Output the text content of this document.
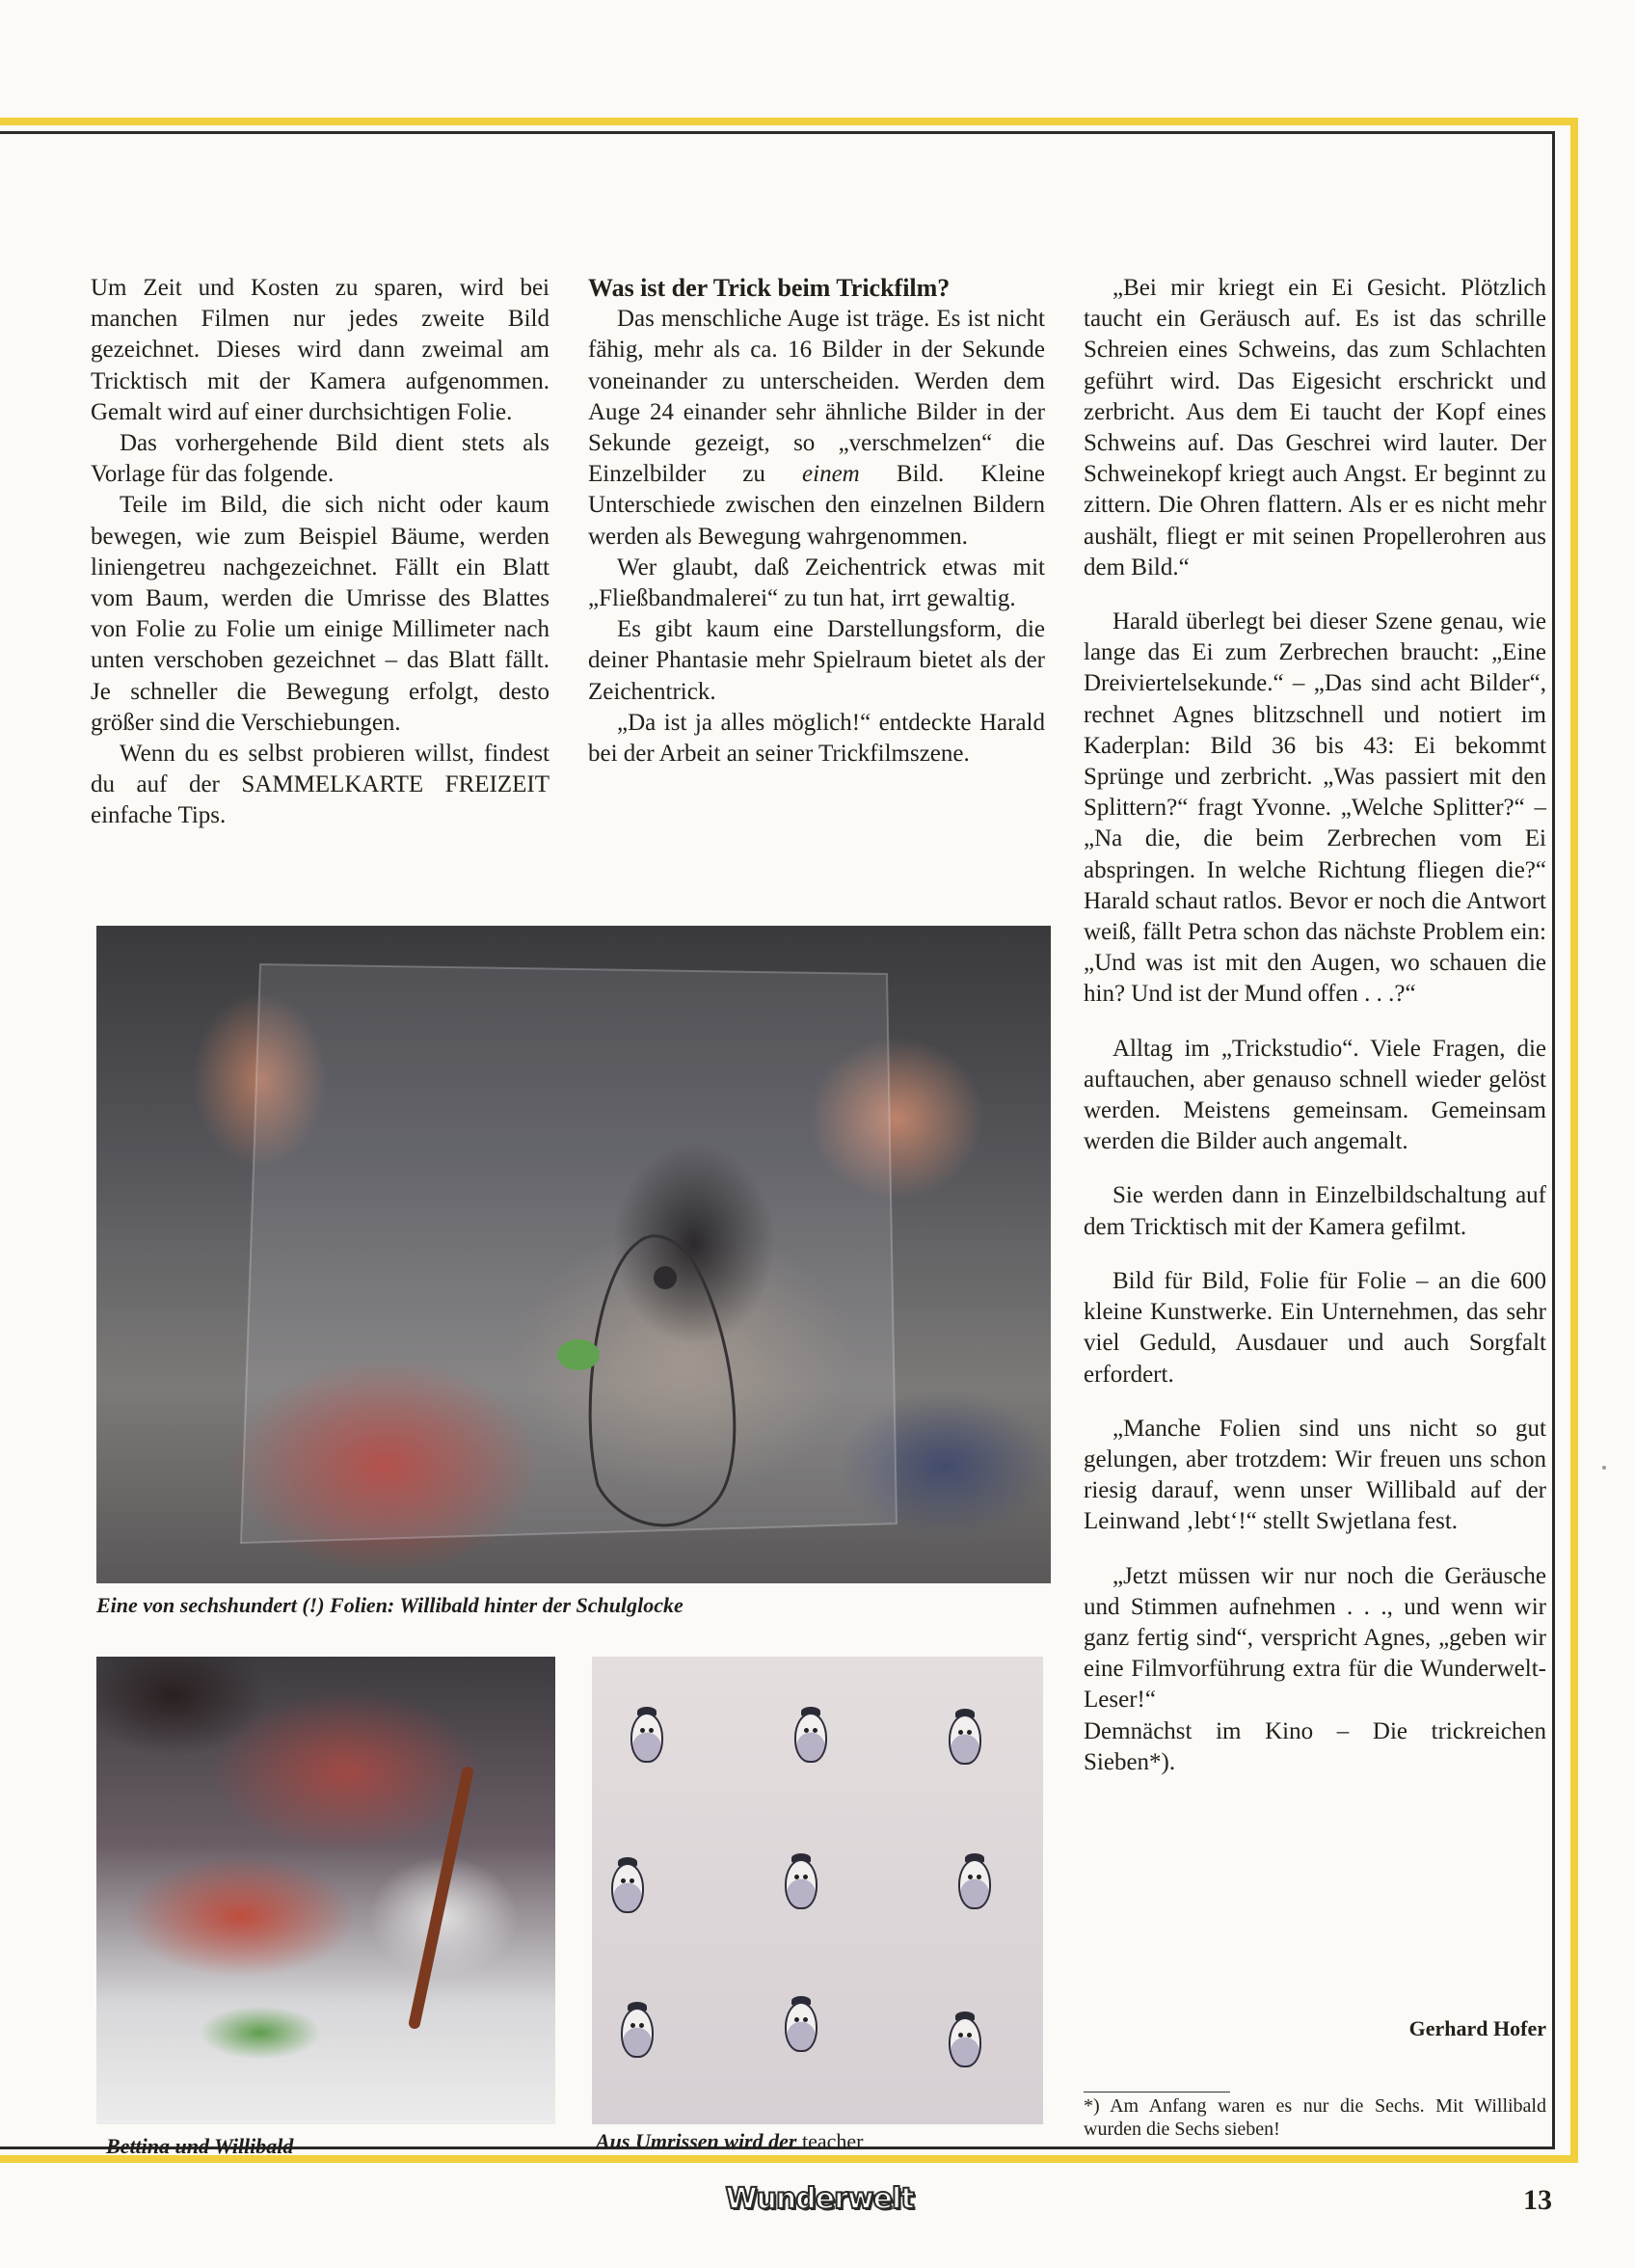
Um Zeit und Kosten zu sparen, wird bei manchen Filmen nur jedes zweite Bild gezeichnet. Dieses wird dann zweimal am Tricktisch mit der Kamera aufgenommen. Gemalt wird auf einer durchsichtigen Folie.

Das vorhergehende Bild dient stets als Vorlage für das folgende.

Teile im Bild, die sich nicht oder kaum bewegen, wie zum Beispiel Bäume, werden liniengetreu nachgezeichnet. Fällt ein Blatt vom Baum, werden die Umrisse des Blattes von Folie zu Folie um einige Millimeter nach unten verschoben gezeichnet – das Blatt fällt. Je schneller die Bewegung erfolgt, desto größer sind die Verschiebungen.

Wenn du es selbst probieren willst, findest du auf der SAMMELKARTE FREIZEIT einfache Tips.

Was ist der Trick beim Trickfilm?

Das menschliche Auge ist träge. Es ist nicht fähig, mehr als ca. 16 Bilder in der Sekunde voneinander zu unterscheiden. Werden dem Auge 24 einander sehr ähnliche Bilder in der Sekunde gezeigt, so „verschmelzen“ die Einzelbilder zu einem Bild. Kleine Unterschiede zwischen den einzelnen Bildern werden als Bewegung wahrgenommen.

Wer glaubt, daß Zeichentrick etwas mit „Fließbandmalerei“ zu tun hat, irrt gewaltig.

Es gibt kaum eine Darstellungsform, die deiner Phantasie mehr Spielraum bietet als der Zeichentrick.

„Da ist ja alles möglich!“ entdeckte Harald bei der Arbeit an seiner Trickfilmszene.

„Bei mir kriegt ein Ei Gesicht. Plötzlich taucht ein Geräusch auf. Es ist das schrille Schreien eines Schweins, das zum Schlachten geführt wird. Das Eigesicht erschrickt und zerbricht. Aus dem Ei taucht der Kopf eines Schweins auf. Das Geschrei wird lauter. Der Schweinekopf kriegt auch Angst. Er beginnt zu zittern. Die Ohren flattern. Als er es nicht mehr aushält, fliegt er mit seinen Propellerohren aus dem Bild.“

Harald überlegt bei dieser Szene genau, wie lange das Ei zum Zerbrechen braucht: „Eine Dreiviertelsekunde.“ – „Das sind acht Bilder“, rechnet Agnes blitzschnell und notiert im Kaderplan: Bild 36 bis 43: Ei bekommt Sprünge und zerbricht. „Was passiert mit den Splittern?“ fragt Yvonne. „Welche Splitter?“ – „Na die, die beim Zerbrechen vom Ei abspringen. In welche Richtung fliegen die?“ Harald schaut ratlos. Bevor er noch die Antwort weiß, fällt Petra schon das nächste Problem ein: „Und was ist mit den Augen, wo schauen die hin? Und ist der Mund offen . . .?“

Alltag im „Trickstudio“. Viele Fragen, die auftauchen, aber genauso schnell wieder gelöst werden. Meistens gemeinsam. Gemeinsam werden die Bilder auch angemalt.

Sie werden dann in Einzelbildschaltung auf dem Tricktisch mit der Kamera gefilmt.

Bild für Bild, Folie für Folie – an die 600 kleine Kunstwerke. Ein Unternehmen, das sehr viel Geduld, Ausdauer und auch Sorgfalt erfordert.

„Manche Folien sind uns nicht so gut gelungen, aber trotzdem: Wir freuen uns schon riesig darauf, wenn unser Willibald auf der Leinwand ‚lebt‘!“ stellt Swjetlana fest.

„Jetzt müssen wir nur noch die Geräusche und Stimmen aufnehmen . . ., und wenn wir ganz fertig sind“, verspricht Agnes, „geben wir eine Filmvorführung extra für die Wunderwelt-Leser!“

Demnächst im Kino – Die trickreichen Sieben*).

Gerhard Hofer
*) Am Anfang waren es nur die Sechs. Mit Willibald wurden die Sechs sieben!
Eine von sechshundert (!) Folien: Willibald hinter der Schulglocke
Bettina und Willibald	Aus Umrissen wird der teacher
Wunderwelt	13
